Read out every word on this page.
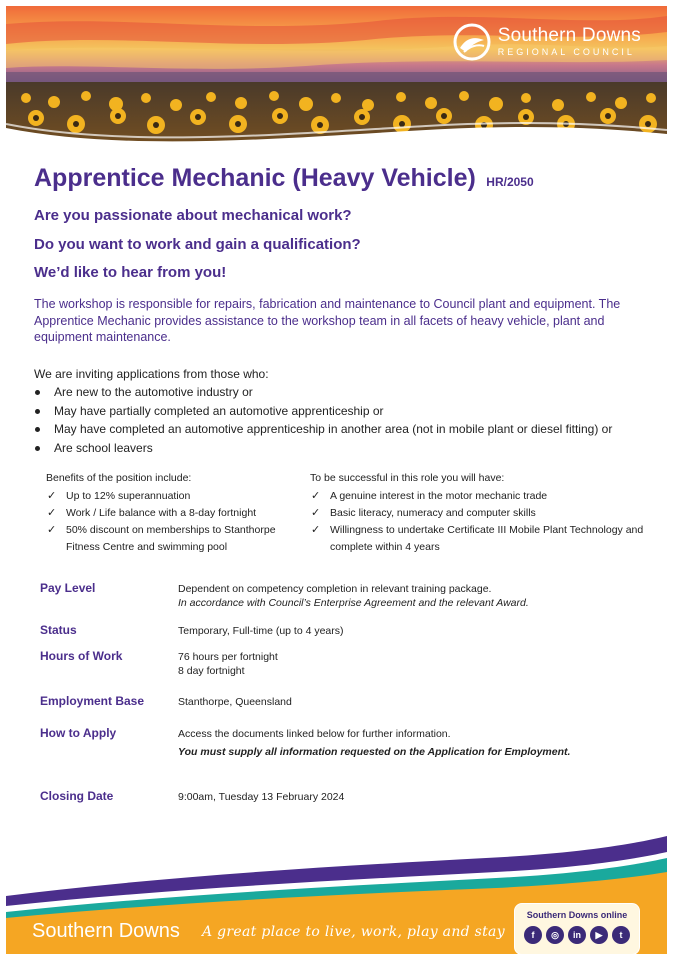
Southern Downs
REGIONAL COUNCIL
Apprentice Mechanic (Heavy Vehicle) HR/2050
Are you passionate about mechanical work?
Do you want to work and gain a qualification?
We’d like to hear from you!
The workshop is responsible for repairs, fabrication and maintenance to Council plant and equipment. The Apprentice Mechanic provides assistance to the workshop team in all facets of heavy vehicle, plant and equipment maintenance.

We are inviting applications from those who:

Are new to the automotive industry or
May have partially completed an automotive apprenticeship or
May have completed an automotive apprenticeship in another area (not in mobile plant or diesel fitting) or
Are school leavers
Benefits of the position include:
✓ Up to 12% superannuation
✓ Work / Life balance with a 8-day fortnight
✓ 50% discount on memberships to Stanthorpe Fitness Centre and swimming pool
To be successful in this role you will have:
✓ A genuine interest in the motor mechanic trade
✓ Basic literacy, numeracy and computer skills
✓ Willingness to undertake Certificate III Mobile Plant Technology and complete within 4 years
Pay Level	Dependent on competency completion in relevant training package.
In accordance with Council’s Enterprise Agreement and the relevant Award.
Status	Temporary, Full-time (up to 4 years)
Hours of Work	76 hours per fortnight
8 day fortnight
Employment Base	Stanthorpe, Queensland
How to Apply	Access the documents linked below for further information.
You must supply all information requested on the Application for Employment.
Closing Date	9:00am, Tuesday 13 February 2024
Southern Downs A great place to live, work, play and stay
Southern Downs online
f	◎	in	▶	t
